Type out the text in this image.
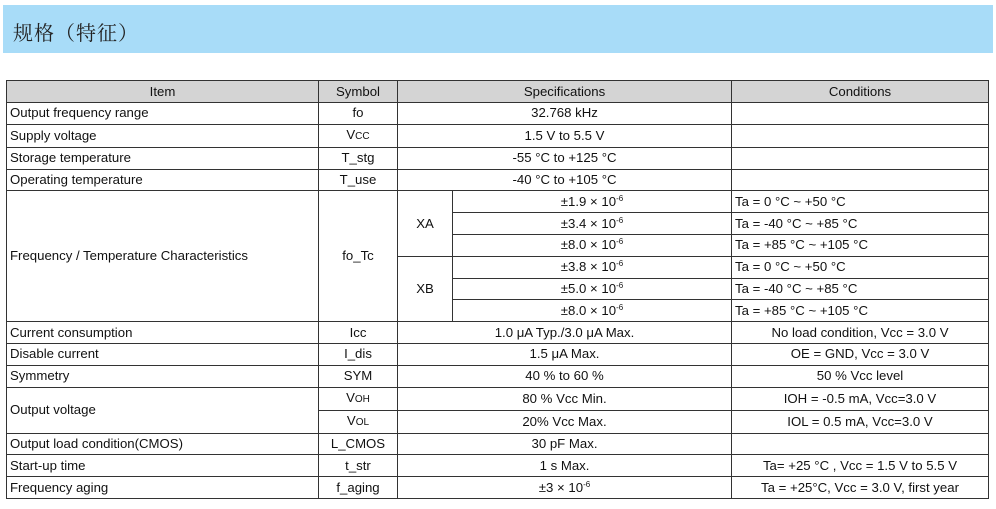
规格（特征）
Item	Symbol	Specifications		Conditions
Output frequency range	fo	32.768 kHz		
Supply voltage	VCC	1.5 V to 5.5 V		
Storage temperature	T_stg	-55 °C to +125 °C		
Operating temperature	T_use	-40 °C to +105 °C		
Frequency / Temperature Characteristics	fo_Tc	XA	$\pm 1.9 \times 10^{-6}$	Ta = 0 °C ~ +50 °C
			$\pm 3.4 \times 10^{-6}$	Ta = -40 °C ~ +85 °C
			$\pm 8.0 \times 10^{-6}$	Ta = +85 °C ~ +105 °C
		XB	$\pm 3.8 \times 10^{-6}$	Ta = 0 °C ~ +50 °C
			$\pm 5.0 \times 10^{-6}$	Ta = -40 °C ~ +85 °C
			$\pm 8.0 \times 10^{-6}$	Ta = +85 °C ~ +105 °C
Current consumption	Icc	1.0 μA Typ./3.0 μA Max.		No load condition, Vcc = 3.0 V
Disable current	I_dis	1.5 μA Max.		OE = GND, Vcc = 3.0 V
Symmetry	SYM	40 % to 60 %		50 % Vcc level
Output voltage	VOH	80 % Vcc Min.		IOH = -0.5 mA, Vcc=3.0 V
	VOL	20% Vcc Max.		IOL = 0.5 mA, Vcc=3.0 V
Output load condition(CMOS)	L_CMOS	30 pF Max.		
Start-up time	t_str	1 s Max.		Ta= +25 °C , Vcc = 1.5 V to 5.5 V
Frequency aging	f_aging	$\pm 3 \times 10^{-6}$		Ta = +25°C, Vcc = 3.0 V, first year
